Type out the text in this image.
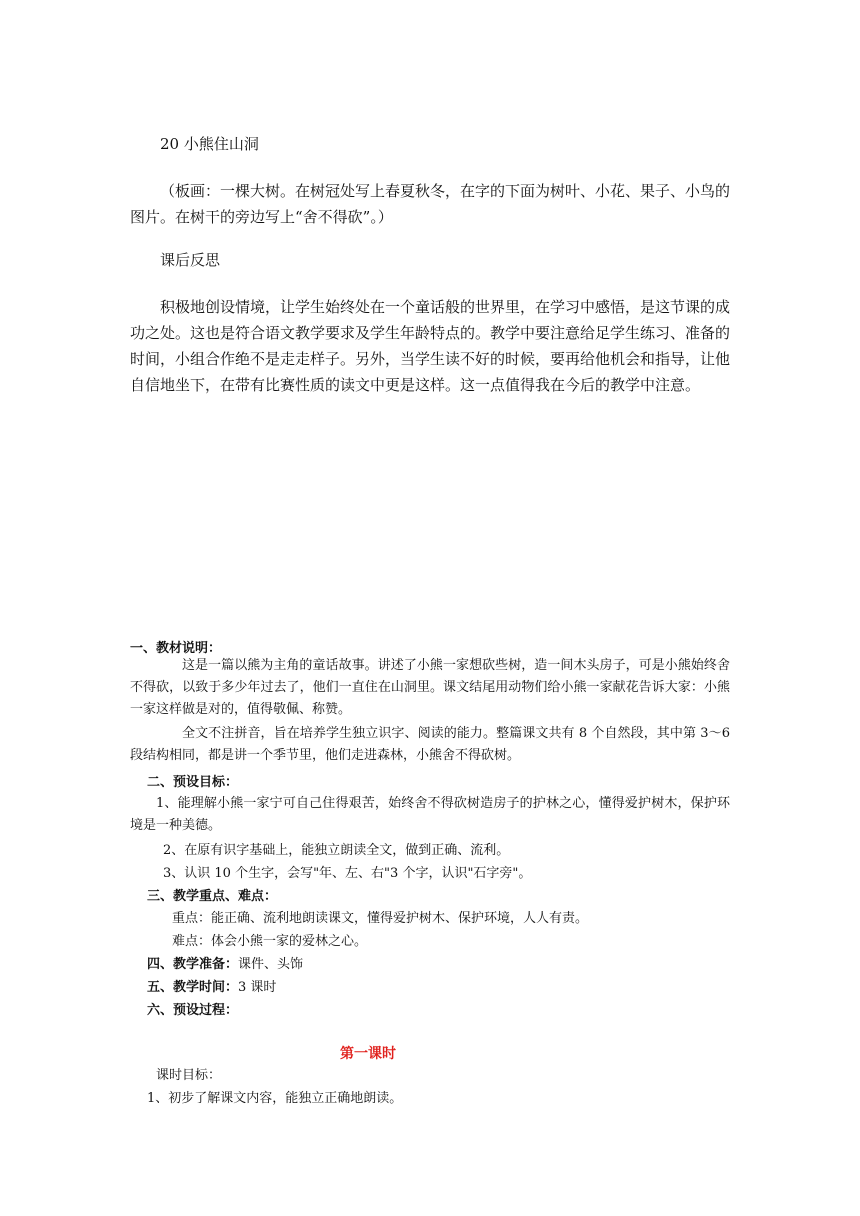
20 小熊住山洞

（板画：一棵大树。在树冠处写上春夏秋冬，在字的下面为树叶、小花、果子、小鸟的图片。在树干的旁边写上“舍不得砍”。）

课后反思

积极地创设情境，让学生始终处在一个童话般的世界里，在学习中感悟，是这节课的成功之处。这也是符合语文教学要求及学生年龄特点的。教学中要注意给足学生练习、准备的时间，小组合作绝不是走走样子。另外，当学生读不好的时候，要再给他机会和指导，让他自信地坐下，在带有比赛性质的读文中更是这样。这一点值得我在今后的教学中注意。

一、教材说明：

这是一篇以熊为主角的童话故事。讲述了小熊一家想砍些树，造一间木头房子，可是小熊始终舍不得砍，以致于多少年过去了，他们一直住在山洞里。课文结尾用动物们给小熊一家献花告诉大家：小熊一家这样做是对的，值得敬佩、称赞。

全文不注拼音，旨在培养学生独立识字、阅读的能力。整篇课文共有 8 个自然段，其中第 3～6 段结构相同，都是讲一个季节里，他们走进森林，小熊舍不得砍树。

二、预设目标：

1、能理解小熊一家宁可自己住得艰苦，始终舍不得砍树造房子的护林之心，懂得爱护树木，保护环境是一种美德。

2、在原有识字基础上，能独立朗读全文，做到正确、流利。

3、认识 10 个生字，会写"年、左、右"3 个字，认识"石字旁"。

三、教学重点、难点：

重点：能正确、流利地朗读课文，懂得爱护树木、保护环境，人人有责。

难点：体会小熊一家的爱林之心。

四、教学准备：课件、头饰

五、教学时间：3 课时

六、预设过程：

第一课时

课时目标：

1、初步了解课文内容，能独立正确地朗读。
